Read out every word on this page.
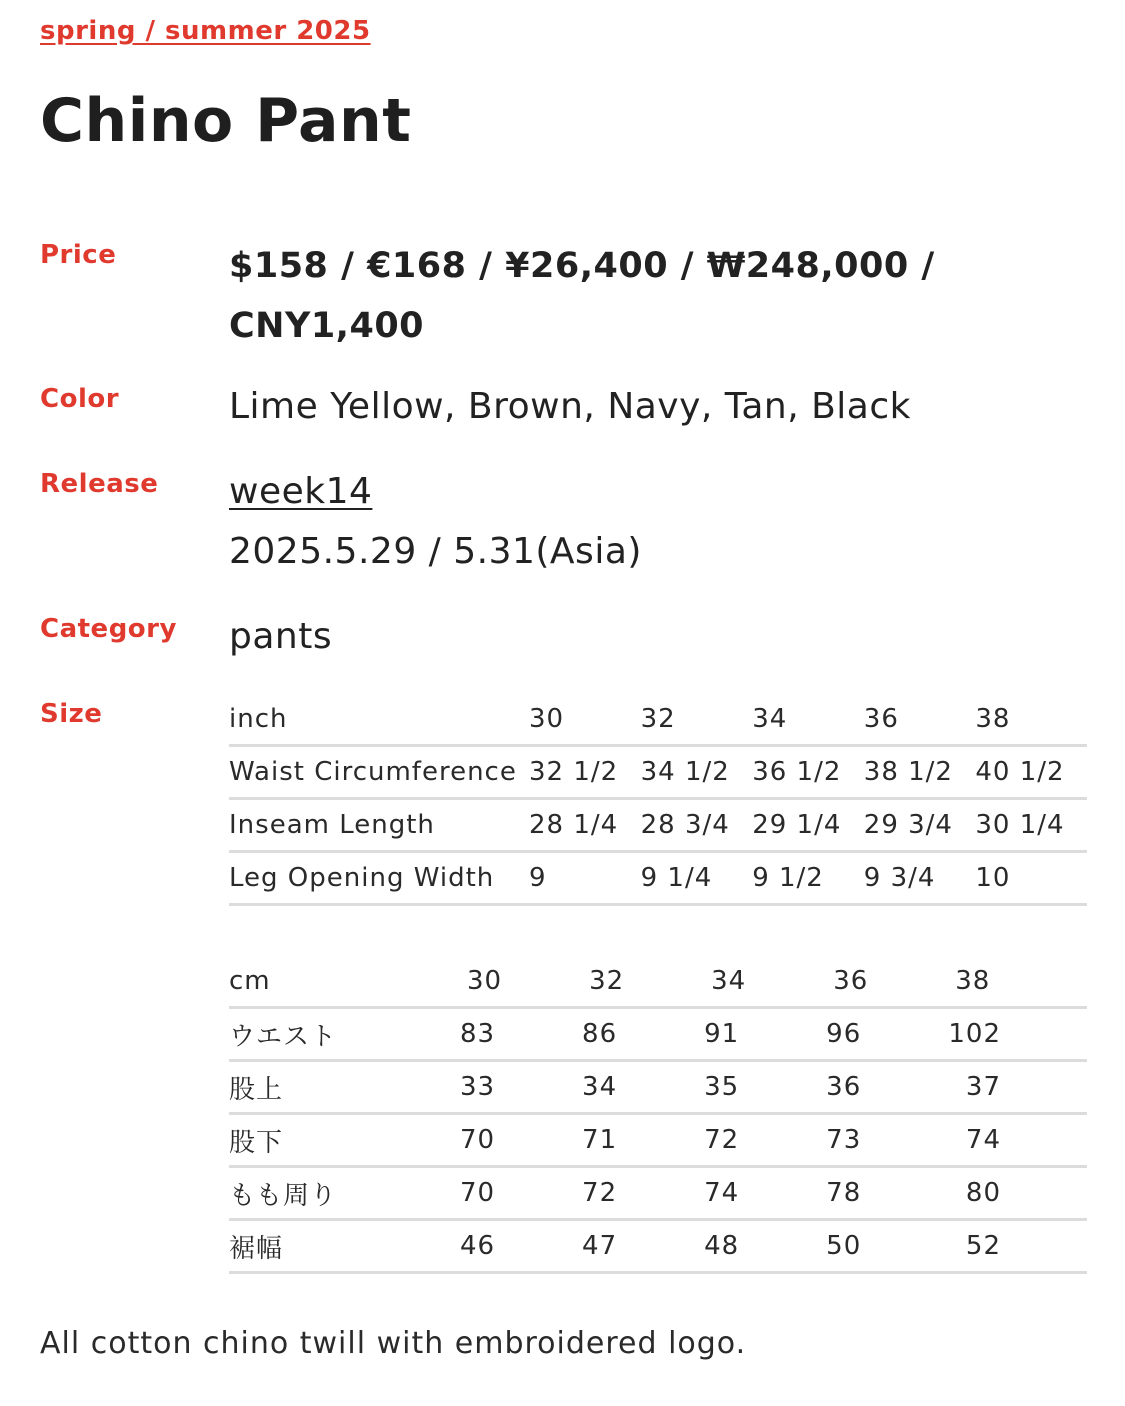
spring / summer 2025
Chino Pant
Price	$158 / €168 / ¥26,400 / ₩248,000 / CNY1,400
Color	Lime Yellow, Brown, Navy, Tan, Black
Release week14
2025.5.29 / 5.31(Asia)
Category pants
Size	inch	30	32	34	36	38
Waist Circumference	32 1/2	34 1/2	36 1/2	38 1/2	40 1/2
Inseam Length	28 1/4	28 3/4	29 1/4	29 3/4	30 1/4
Leg Opening Width	9	9 1/4	9 1/2	9 3/4	10
cm	30	32	34	36	38
ウエスト	83	86	91	96	102
股上	33	34	35	36	37
股下	70	71	72	73	74
もも周り	70	72	74	78	80
裾幅	46	47	48	50	52
All cotton chino twill with embroidered logo.
